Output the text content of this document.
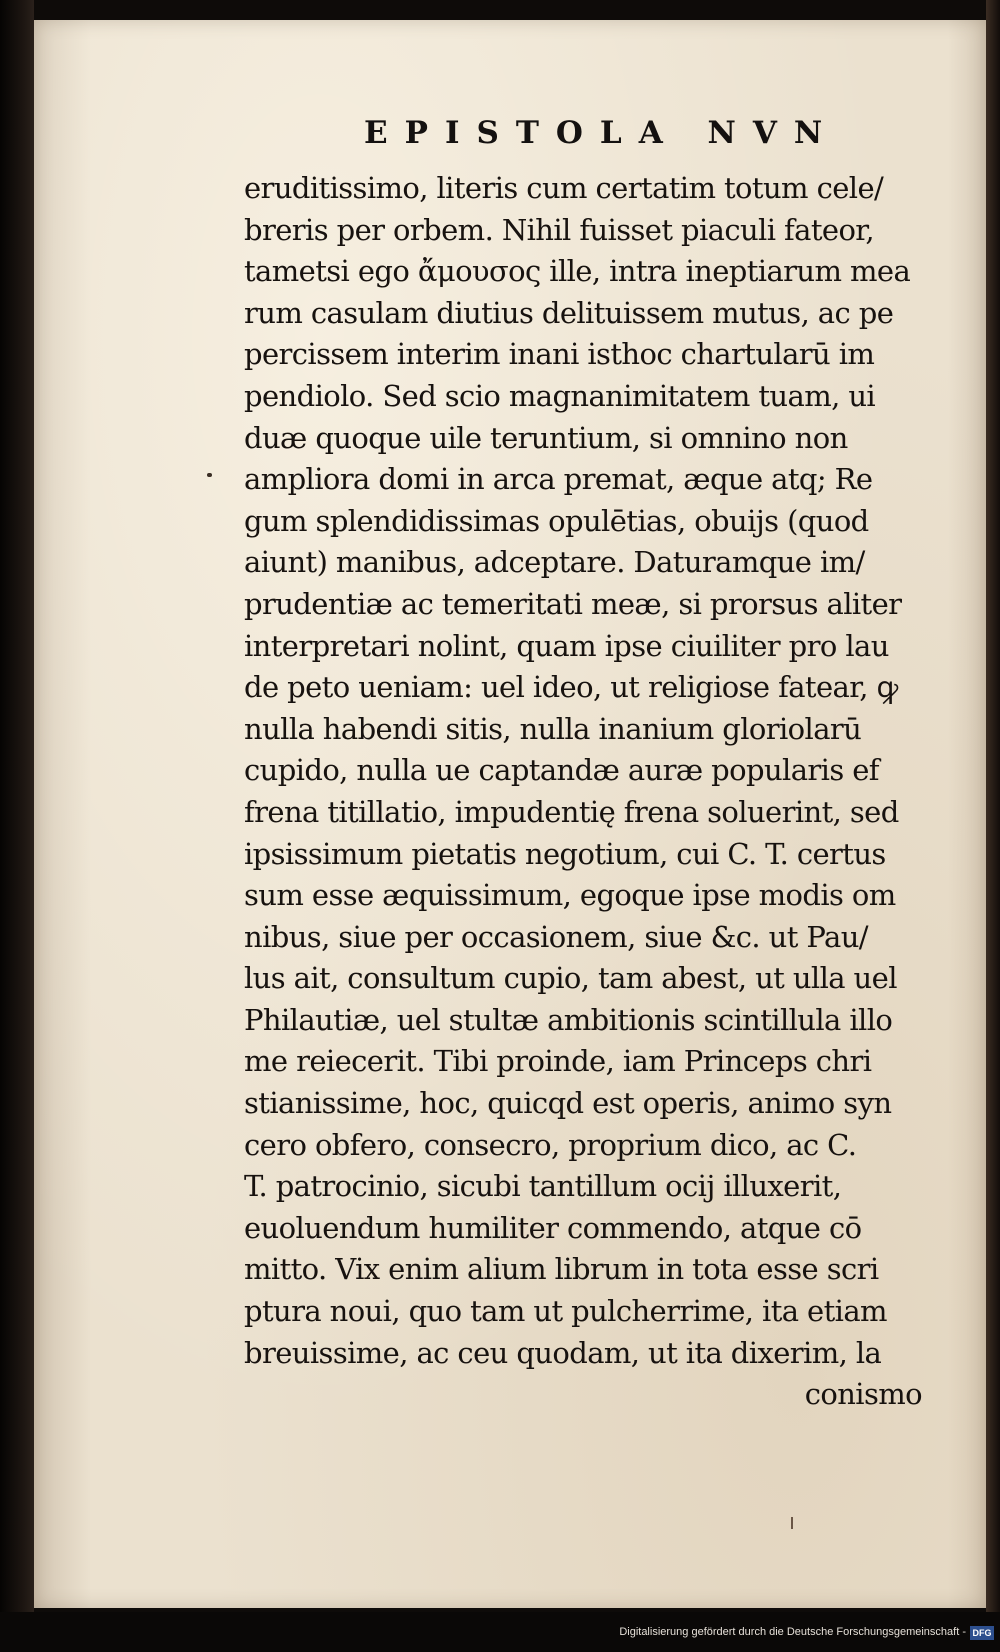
EPISTOLA NVN
eruditissimo, literis cum certatim totum cele/
breris per orbem. Nihil fuisset piaculi fateor,
tametsi ego ἄμουσος ille, intra ineptiarum mea
rum casulam diutius delituissem mutus, ac pe
percissem interim inani isthoc chartularū im
pendiolo. Sed scio magnanimitatem tuam, ui
duæ quoque uile teruntium, si omnino non
ampliora domi in arca premat, æque atq; Re
gum splendidissimas opulētias, obuijs (quod
aiunt) manibus, adceptare. Daturamque im/
prudentiæ ac temeritati meæ, si prorsus aliter
interpretari nolint, quam ipse ciuiliter pro lau
de peto ueniam: uel ideo, ut religiose fatear, ꝙ
nulla habendi sitis, nulla inanium gloriolarū
cupido, nulla ue captandæ auræ popularis ef
frena titillatio, impudentię frena soluerint, sed
ipsissimum pietatis negotium, cui C. T. certus
sum esse æquissimum, egoque ipse modis om
nibus, siue per occasionem, siue &c. ut Pau/
lus ait, consultum cupio, tam abest, ut ulla uel
Philautiæ, uel stultæ ambitionis scintillula illo
me reiecerit. Tibi proinde, iam Princeps chri
stianissime, hoc, quicqd est operis, animo syn
cero obfero, consecro, proprium dico, ac C.
T. patrocinio, sicubi tantillum ocij illuxerit,
euoluendum humiliter commendo, atque cō
mitto. Vix enim alium librum in tota esse scri
ptura noui, quo tam ut pulcherrime, ita etiam
breuissime, ac ceu quodam, ut ita dixerim, la
conismo
Digitalisierung gefördert durch die Deutsche Forschungsgemeinschaft - DFG
